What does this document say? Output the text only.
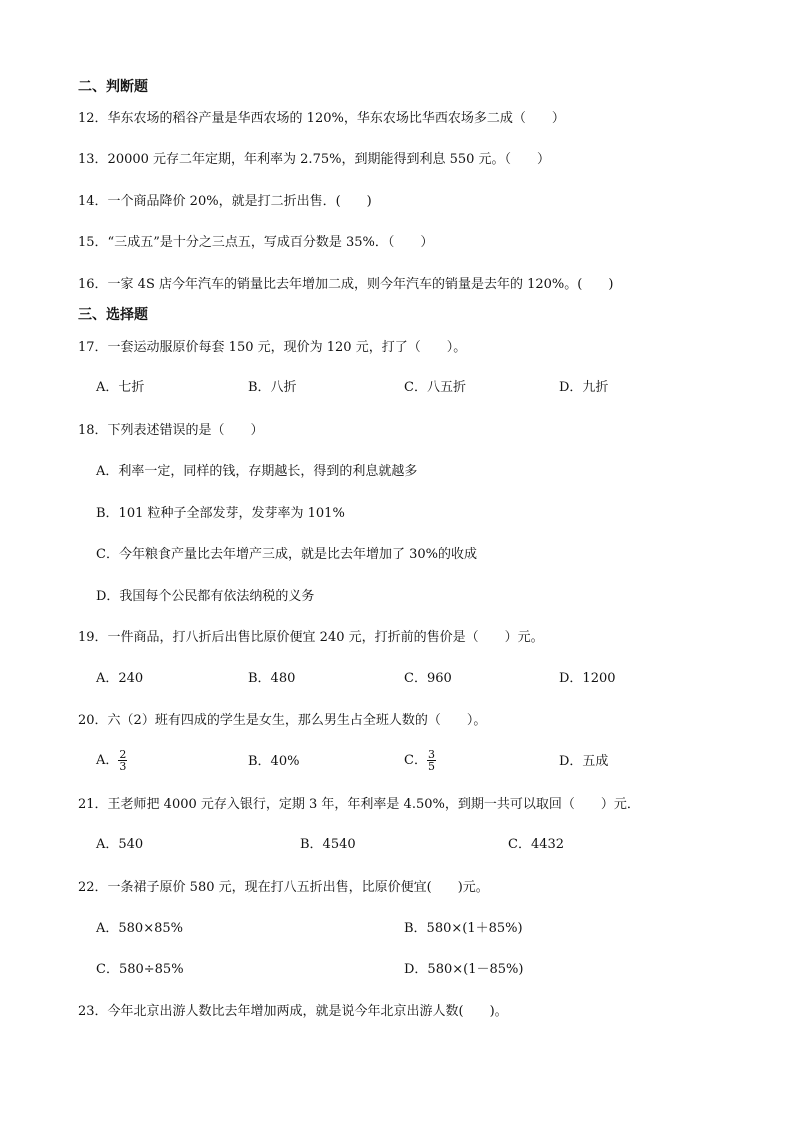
二、判断题
12．华东农场的稻谷产量是华西农场的 120%，华东农场比华西农场多二成（　　）
13．20000 元存二年定期，年利率为 2.75%，到期能得到利息 550 元。（　　）
14．一个商品降价 20%，就是打二折出售．(　　)
15．“三成五”是十分之三点五，写成百分数是 35%．（　　）
16．一家 4S 店今年汽车的销量比去年增加二成，则今年汽车的销量是去年的 120%。(　　)
三、选择题
17．一套运动服原价每套 150 元，现价为 120 元，打了（　　）。
A．七折	B．八折	C．八五折	D．九折
18．下列表述错误的是（　　）
A．利率一定，同样的钱，存期越长，得到的利息就越多
B．101 粒种子全部发芽，发芽率为 101%
C．今年粮食产量比去年增产三成，就是比去年增加了 30%的收成
D．我国每个公民都有依法纳税的义务
19．一件商品，打八折后出售比原价便宜 240 元，打折前的售价是（　　）元。
A．240	B．480	C．960	D．1200
20．六（2）班有四成的学生是女生，那么男生占全班人数的（　　）。
A． $\frac{2}{3}$	B．40%	C． $\frac{3}{5}$	D．五成
21．王老师把 4000 元存入银行，定期 3 年，年利率是 4.50%，到期一共可以取回（　　）元．
A．540	B．4540	C．4432
22．一条裙子原价 580 元，现在打八五折出售，比原价便宜(　　)元。
A．580×85%	B．580×(1＋85%)
C．580÷85%	D．580×(1－85%)
23．今年北京出游人数比去年增加两成，就是说今年北京出游人数(　　)。
